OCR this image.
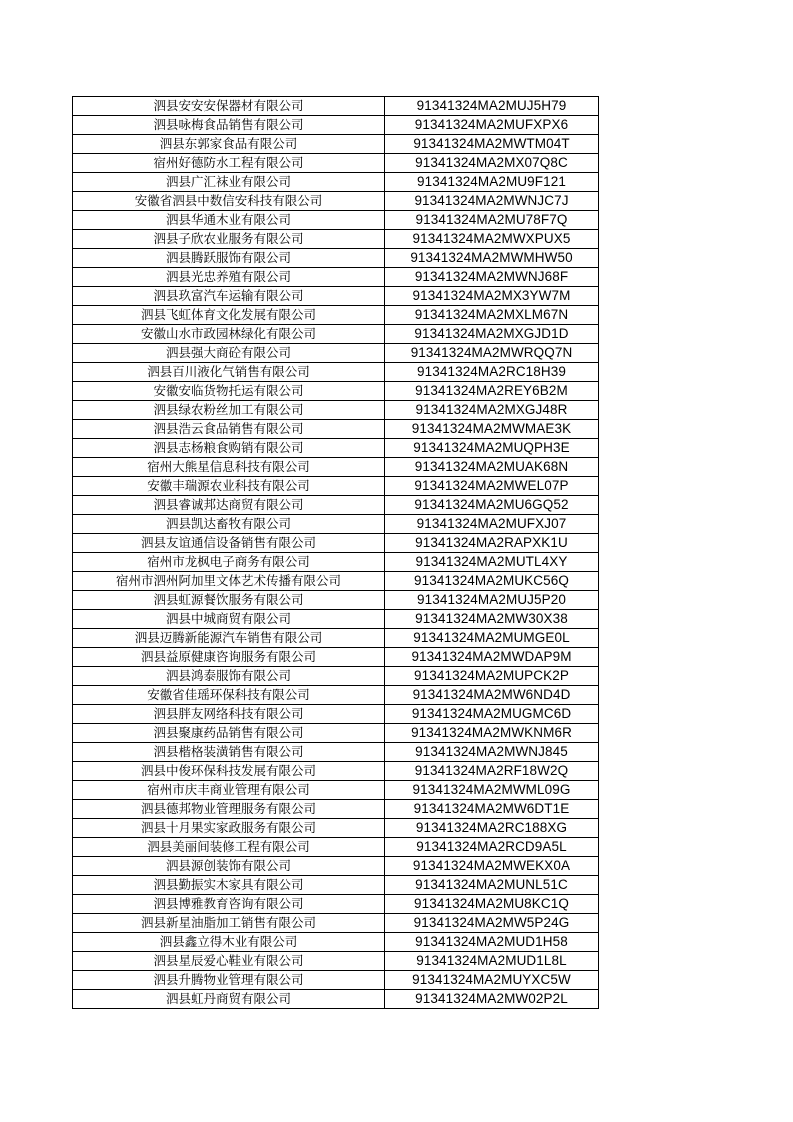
泗县安安安保器材有限公司	91341324MA2MUJ5H79
泗县咏梅食品销售有限公司	91341324MA2MUFXPX6
泗县东郭家食品有限公司	91341324MA2MWTM04T
宿州好德防水工程有限公司	91341324MA2MX07Q8C
泗县广汇袜业有限公司	91341324MA2MU9F121
安徽省泗县中数信安科技有限公司	91341324MA2MWNJC7J
泗县华通木业有限公司	91341324MA2MU78F7Q
泗县子欣农业服务有限公司	91341324MA2MWXPUX5
泗县腾跃服饰有限公司	91341324MA2MWMHW50
泗县光忠养殖有限公司	91341324MA2MWNJ68F
泗县玖富汽车运输有限公司	91341324MA2MX3YW7M
泗县飞虹体育文化发展有限公司	91341324MA2MXLM67N
安徽山水市政园林绿化有限公司	91341324MA2MXGJD1D
泗县强大商砼有限公司	91341324MA2MWRQQ7N
泗县百川液化气销售有限公司	91341324MA2RC18H39
安徽安临货物托运有限公司	91341324MA2REY6B2M
泗县绿农粉丝加工有限公司	91341324MA2MXGJ48R
泗县浩云食品销售有限公司	91341324MA2MWMAE3K
泗县志杨粮食购销有限公司	91341324MA2MUQPH3E
宿州大熊星信息科技有限公司	91341324MA2MUAK68N
安徽丰瑞源农业科技有限公司	91341324MA2MWEL07P
泗县睿诚邦达商贸有限公司	91341324MA2MU6GQ52
泗县凯达畜牧有限公司	91341324MA2MUFXJ07
泗县友谊通信设备销售有限公司	91341324MA2RAPXK1U
宿州市龙枫电子商务有限公司	91341324MA2MUTL4XY
宿州市泗州阿加里文体艺术传播有限公司	91341324MA2MUKC56Q
泗县虹源餐饮服务有限公司	91341324MA2MUJ5P20
泗县中城商贸有限公司	91341324MA2MW30X38
泗县迈腾新能源汽车销售有限公司	91341324MA2MUMGE0L
泗县益原健康咨询服务有限公司	91341324MA2MWDAP9M
泗县鸿泰服饰有限公司	91341324MA2MUPCK2P
安徽省佳瑶环保科技有限公司	91341324MA2MW6ND4D
泗县胖友网络科技有限公司	91341324MA2MUGMC6D
泗县聚康药品销售有限公司	91341324MA2MWKNM6R
泗县楷格装潢销售有限公司	91341324MA2MWNJ845
泗县中俊环保科技发展有限公司	91341324MA2RF18W2Q
宿州市庆丰商业管理有限公司	91341324MA2MWML09G
泗县德邦物业管理服务有限公司	91341324MA2MW6DT1E
泗县十月果实家政服务有限公司	91341324MA2RC188XG
泗县美丽间装修工程有限公司	91341324MA2RCD9A5L
泗县源创装饰有限公司	91341324MA2MWEKX0A
泗县勤振实木家具有限公司	91341324MA2MUNL51C
泗县博雅教育咨询有限公司	91341324MA2MU8KC1Q
泗县新星油脂加工销售有限公司	91341324MA2MW5P24G
泗县鑫立得木业有限公司	91341324MA2MUD1H58
泗县星辰爱心鞋业有限公司	91341324MA2MUD1L8L
泗县升腾物业管理有限公司	91341324MA2MUYXC5W
泗县虹丹商贸有限公司	91341324MA2MW02P2L
